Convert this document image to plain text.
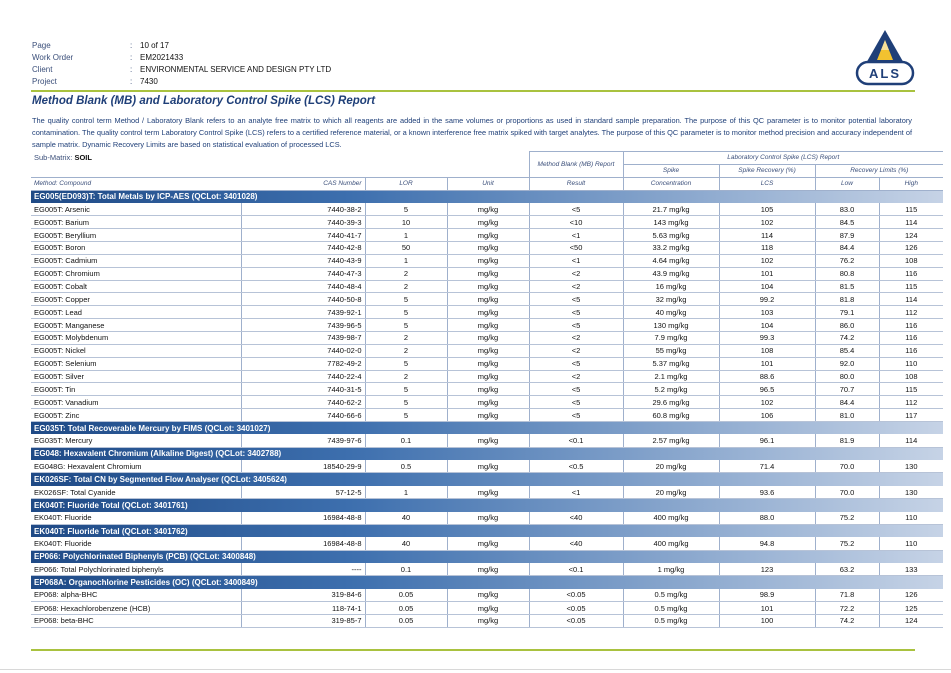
Page	: 10 of 17
Work Order	: EM2021433
Client	: ENVIRONMENTAL SERVICE AND DESIGN PTY LTD
Project	: 7430
ALS
Method Blank (MB) and Laboratory Control Spike (LCS) Report
The quality control term Method / Laboratory Blank refers to an analyte free matrix to which all reagents are added in the same volumes or proportions as used in standard sample preparation. The purpose of this QC parameter is to monitor potential laboratory contamination. The quality control term Laboratory Control Spike (LCS) refers to a certified reference material, or a known interference free matrix spiked with target analytes. The purpose of this QC parameter is to monitor method precision and accuracy independent of sample matrix. Dynamic Recovery Limits are based on statistical evaluation of processed LCS.
Sub-Matrix: SOIL				Method Blank (MB) Report	Laboratory Control Spike (LCS) Report			
					Spike	Spike Recovery (%)	Recovery Limits (%)	
Method: Compound	CAS Number	LOR	Unit	Result	Concentration	LCS	Low	High
EG005(ED093)T: Total Metals by ICP-AES (QCLot: 3401028)								
EG005T: Arsenic	7440-38-2	5	mg/kg	<5	21.7 mg/kg	105	83.0	115
EG005T: Barium	7440-39-3	10	mg/kg	<10	143 mg/kg	102	84.5	114
EG005T: Beryllium	7440-41-7	1	mg/kg	<1	5.63 mg/kg	114	87.9	124
EG005T: Boron	7440-42-8	50	mg/kg	<50	33.2 mg/kg	118	84.4	126
EG005T: Cadmium	7440-43-9	1	mg/kg	<1	4.64 mg/kg	102	76.2	108
EG005T: Chromium	7440-47-3	2	mg/kg	<2	43.9 mg/kg	101	80.8	116
EG005T: Cobalt	7440-48-4	2	mg/kg	<2	16 mg/kg	104	81.5	115
EG005T: Copper	7440-50-8	5	mg/kg	<5	32 mg/kg	99.2	81.8	114
EG005T: Lead	7439-92-1	5	mg/kg	<5	40 mg/kg	103	79.1	112
EG005T: Manganese	7439-96-5	5	mg/kg	<5	130 mg/kg	104	86.0	116
EG005T: Molybdenum	7439-98-7	2	mg/kg	<2	7.9 mg/kg	99.3	74.2	116
EG005T: Nickel	7440-02-0	2	mg/kg	<2	55 mg/kg	108	85.4	116
EG005T: Selenium	7782-49-2	5	mg/kg	<5	5.37 mg/kg	101	92.0	110
EG005T: Silver	7440-22-4	2	mg/kg	<2	2.1 mg/kg	88.6	80.0	108
EG005T: Tin	7440-31-5	5	mg/kg	<5	5.2 mg/kg	96.5	70.7	115
EG005T: Vanadium	7440-62-2	5	mg/kg	<5	29.6 mg/kg	102	84.4	112
EG005T: Zinc	7440-66-6	5	mg/kg	<5	60.8 mg/kg	106	81.0	117
EG035T: Total Recoverable Mercury by FIMS (QCLot: 3401027)								
EG035T: Mercury	7439-97-6	0.1	mg/kg	<0.1	2.57 mg/kg	96.1	81.9	114
EG048: Hexavalent Chromium (Alkaline Digest) (QCLot: 3402788)								
EG048G: Hexavalent Chromium	18540-29-9	0.5	mg/kg	<0.5	20 mg/kg	71.4	70.0	130
EK026SF: Total CN by Segmented Flow Analyser (QCLot: 3405624)								
EK026SF: Total Cyanide	57-12-5	1	mg/kg	<1	20 mg/kg	93.6	70.0	130
EK040T: Fluoride Total (QCLot: 3401761)								
EK040T: Fluoride	16984-48-8	40	mg/kg	<40	400 mg/kg	88.0	75.2	110
EK040T: Fluoride Total (QCLot: 3401762)								
EK040T: Fluoride	16984-48-8	40	mg/kg	<40	400 mg/kg	94.8	75.2	110
EP066: Polychlorinated Biphenyls (PCB) (QCLot: 3400848)								
EP066: Total Polychlorinated biphenyls	----	0.1	mg/kg	<0.1	1 mg/kg	123	63.2	133
EP068A: Organochlorine Pesticides (OC) (QCLot: 3400849)								
EP068: alpha-BHC	319-84-6	0.05	mg/kg	<0.05	0.5 mg/kg	98.9	71.8	126
EP068: Hexachlorobenzene (HCB)	118-74-1	0.05	mg/kg	<0.05	0.5 mg/kg	101	72.2	125
EP068: beta-BHC	319-85-7	0.05	mg/kg	<0.05	0.5 mg/kg	100	74.2	124
